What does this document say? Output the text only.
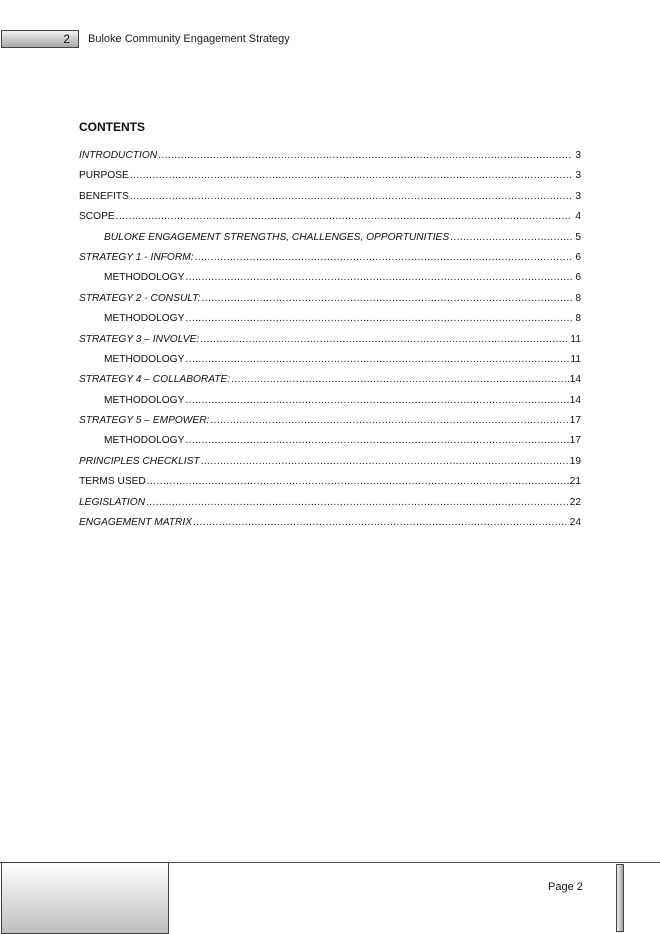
2	Buloke Community Engagement Strategy
CONTENTS
INTRODUCTION .....	3
PURPOSE .....	3
BENEFITS .....	3
SCOPE .....	4
BULOKE ENGAGEMENT STRENGTHS, CHALLENGES, OPPORTUNITIES .....	5
STRATEGY 1 - INFORM: .....	6
METHODOLOGY .....	6
STRATEGY 2 - CONSULT: .....	8
METHODOLOGY .....	8
STRATEGY 3 – INVOLVE: .....	11
METHODOLOGY .....	11
STRATEGY 4 – COLLABORATE: .....	14
METHODOLOGY .....	14
STRATEGY 5 – EMPOWER: .....	17
METHODOLOGY .....	17
PRINCIPLES CHECKLIST .....	19
TERMS USED .....	21
LEGISLATION .....	22
ENGAGEMENT MATRIX .....	24
Page 2
